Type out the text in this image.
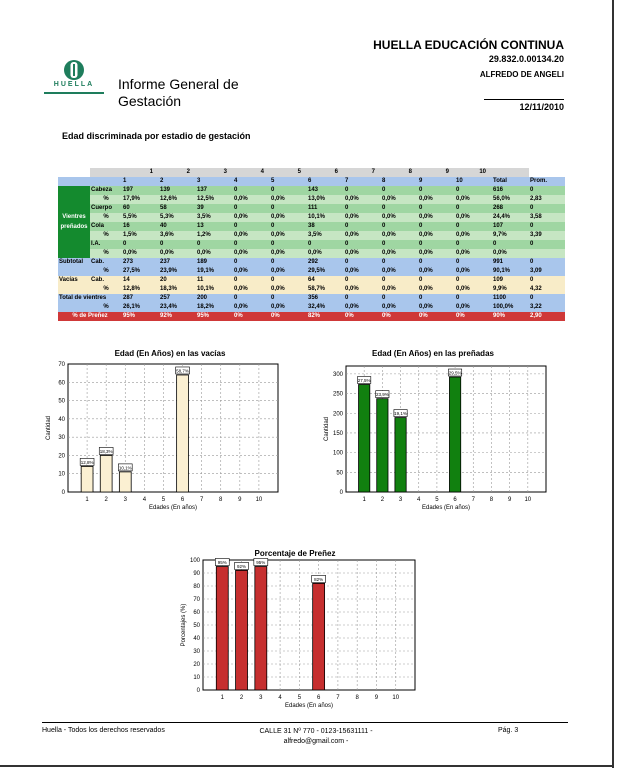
HUELLA	Informe General de Gestación
HUELLA EDUCACIÓN CONTINUA
29.832.0.00134.20
ALFREDO DE ANGELI
12/11/2010
Edad discriminada por estadio de gestación
		1	2	3	4	5	6	7	8	9	10		
		1	2	3	4	5	6	7	8	9	10	Total	Prom.

Vientres
preñados	Cabeza	197	139	137	0	0	143	0	0	0	0	616	0
	%	17,9%	12,6%	12,5%	0,0%	0,0%	13,0%	0,0%	0,0%	0,0%	0,0%	56,0%	2,83
	Cuerpo	60	58	39	0	0	111	0	0	0	0	268	0
	%	5,5%	5,3%	3,5%	0,0%	0,0%	10,1%	0,0%	0,0%	0,0%	0,0%	24,4%	3,58
	Cola	16	40	13	0	0	38	0	0	0	0	107	0
	%	1,5%	3,6%	1,2%	0,0%	0,0%	3,5%	0,0%	0,0%	0,0%	0,0%	9,7%	3,39
	I.A.	0	0	0	0	0	0	0	0	0	0	0	0
	%	0,0%	0,0%	0,0%	0,0%	0,0%	0,0%	0,0%	0,0%	0,0%	0,0%	0,0%	
Subtotal	Cab.	273	237	189	0	0	292	0	0	0	0	991	0
	%	27,5%	23,9%	19,1%	0,0%	0,0%	29,5%	0,0%	0,0%	0,0%	0,0%	90,1%	3,09
Vacías	Cab.	14	20	11	0	0	64	0	0	0	0	109	0
	%	12,8%	18,3%	10,1%	0,0%	0,0%	58,7%	0,0%	0,0%	0,0%	0,0%	9,9%	4,32
Total de vientres		287	257	200	0	0	356	0	0	0	0	1100	0
	%	26,1%	23,4%	18,2%	0,0%	0,0%	32,4%	0,0%	0,0%	0,0%	0,0%	100,0%	3,22
% de Preñez		95%	92%	95%	0%	0%	82%	0%	0%	0%	0%	90%	2,90
Edad (En Años) en las vacías
0
10
20
30
40
50
60
70
1	2	3	4	5	6	7	8	9 10
12,8%
18,3%
10,1%
58,7%
Edades (En años)
Cantidad
Edad (En Años) en las preñadas
0
50
100
150
200
250
300
1 2 3 4 5 6 7 8 9 10
27,5%
23,9%
19,1%
29,5%
Edades (En años)
Cantidad
Porcentaje de Preñez
0
10
20
30
40
50
60
70
80
90
100
1	2	3	4	5	6	7	8	9 10
95%
92%
95%
82%
Edades (En años)
Porcentajes (%)
Huella - Todos los derechos reservados	CALLE 31 Nº 770 - 0123-15631111 -
alfredo@gmail.com -
Pág. 3
